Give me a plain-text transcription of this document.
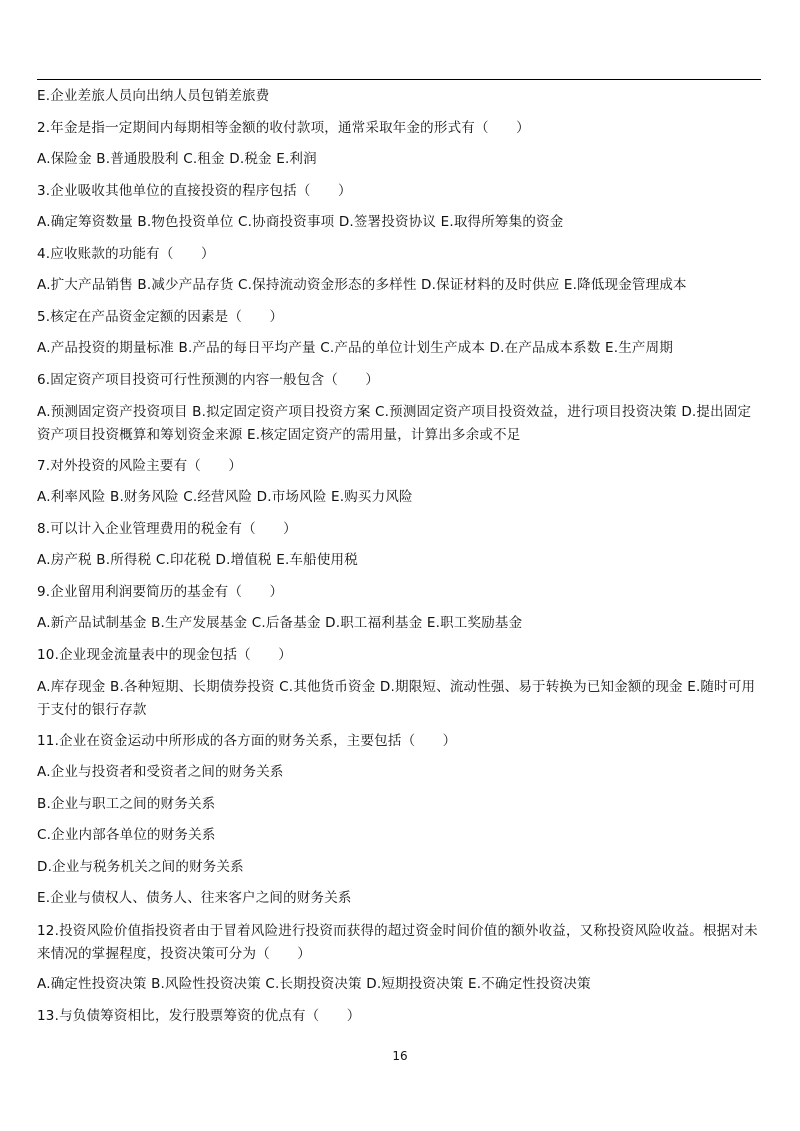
E.企业差旅人员向出纳人员包销差旅费
2.年金是指一定期间内每期相等金额的收付款项，通常采取年金的形式有（　　）
A.保险金 B.普通股股利 C.租金 D.税金 E.利润
3.企业吸收其他单位的直接投资的程序包括（　　）
A.确定筹资数量 B.物色投资单位 C.协商投资事项 D.签署投资协议 E.取得所筹集的资金
4.应收账款的功能有（　　）
A.扩大产品销售 B.减少产品存货 C.保持流动资金形态的多样性 D.保证材料的及时供应 E.降低现金管理成本
5.核定在产品资金定额的因素是（　　）
A.产品投资的期量标准 B.产品的每日平均产量 C.产品的单位计划生产成本 D.在产品成本系数 E.生产周期
6.固定资产项目投资可行性预测的内容一般包含（　　）
A.预测固定资产投资项目 B.拟定固定资产项目投资方案 C.预测固定资产项目投资效益，进行项目投资决策 D.提出固定资产项目投资概算和筹划资金来源 E.核定固定资产的需用量，计算出多余或不足
7.对外投资的风险主要有（　　）
A.利率风险 B.财务风险 C.经营风险 D.市场风险 E.购买力风险
8.可以计入企业管理费用的税金有（　　）
A.房产税 B.所得税 C.印花税 D.增值税 E.车船使用税
9.企业留用利润要简历的基金有（　　）
A.新产品试制基金 B.生产发展基金 C.后备基金 D.职工福利基金 E.职工奖励基金
10.企业现金流量表中的现金包括（　　）
A.库存现金 B.各种短期、长期债券投资 C.其他货币资金 D.期限短、流动性强、易于转换为已知金额的现金 E.随时可用于支付的银行存款
11.企业在资金运动中所形成的各方面的财务关系，主要包括（　　）
A.企业与投资者和受资者之间的财务关系
B.企业与职工之间的财务关系
C.企业内部各单位的财务关系
D.企业与税务机关之间的财务关系
E.企业与债权人、债务人、往来客户之间的财务关系
12.投资风险价值指投资者由于冒着风险进行投资而获得的超过资金时间价值的额外收益，又称投资风险收益。根据对未来情况的掌握程度，投资决策可分为（　　）
A.确定性投资决策 B.风险性投资决策 C.长期投资决策 D.短期投资决策 E.不确定性投资决策
13.与负债筹资相比，发行股票筹资的优点有（　　）
16
